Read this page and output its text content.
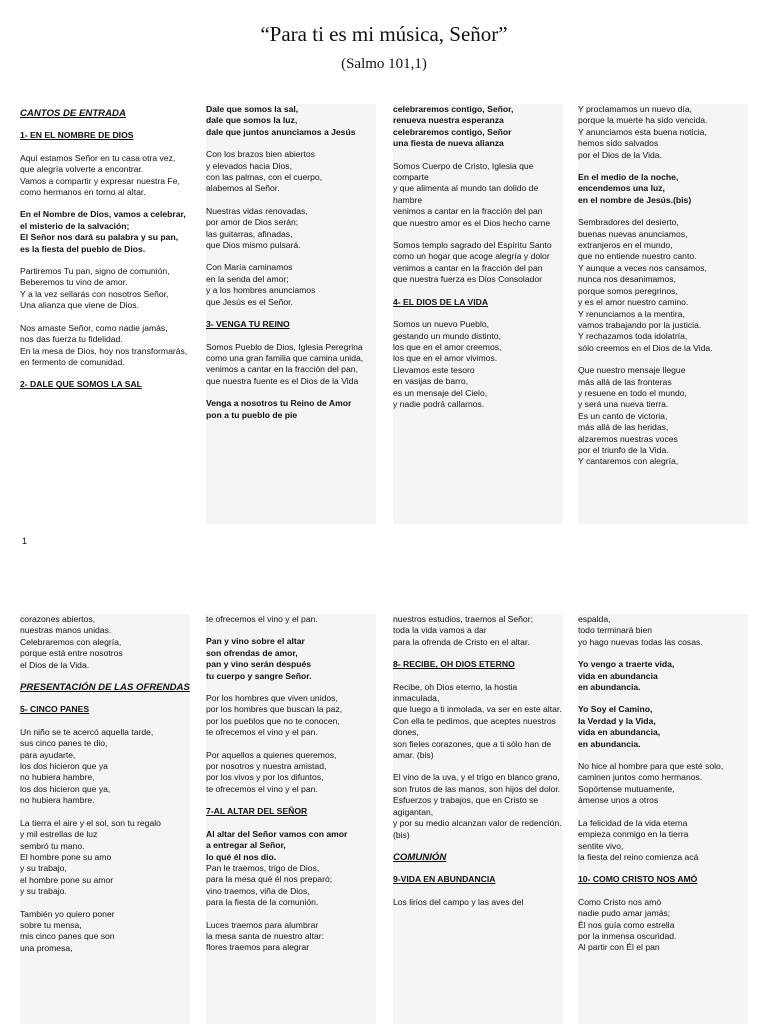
“Para ti es mi música, Señor”
(Salmo 101,1)
CANTOS DE ENTRADA
1- EN EL NOMBRE DE DIOS
Aquí estamos Señor en tu casa otra vez,
que alegría volverte a encontrar.
Vamos a compartir y expresar nuestra Fe,
como hermanos en torno al altar.
En el Nombre de Dios, vamos a celebrar,
el misterio de la salvación;
El Señor nos dará su palabra y su pan,
es la fiesta del pueblo de Dios.
Partiremos Tu pan, signo de comunión,
Beberemos tu vino de amor.
Y a la vez sellarás con nosotros Señor,
Una alianza que viene de Dios.
Nos amaste Señor, como nadie jamás,
nos das fuerza tu fidelidad.
En la mesa de Dios, hoy nos transformarás,
en fermento de comunidad.
2- DALE QUE SOMOS LA SAL
Dale que somos la sal,
dale que somos la luz,
dale que juntos anunciamos a Jesús
Con los brazos bien abiertos
y elevados hacia Dios,
con las palmas, con el cuerpo,
alabemos al Señor.
Nuestras vidas renovadas,
por amor de Dios serán;
las guitarras, afinadas,
que Dios mismo pulsará.
Con María caminamos
en la senda del amor;
y a los hombres anunciamos
que Jesús es el Señor.
3- VENGA TU REINO
Somos Pueblo de Dios, Iglesia Peregrina
como una gran familia que camina unida,
venimos a cantar en la fracción del pan,
que nuestra fuente es el Dios de la Vida
Venga a nosotros tu Reino de Amor
pon a tu pueblo de pie
celebraremos contigo, Señor,
renueva nuestra esperanza
celebraremos contigo, Señor
una fiesta de nueva alianza
Somos Cuerpo de Cristo, Iglesia que comparte
y que alimenta al mundo tan dolido de hambre
venimos a cantar en la fracción del pan
que nuestro amor es el Dios hecho carne
Somos templo sagrado del Espíritu Santo
como un hogar que acoge alegría y dolor
venimos a cantar en la fracción del pan
que nuestra fuerza es Dios Consolador
4- EL DIOS DE LA VIDA
Somos un nuevo Pueblo,
gestando un mundo distinto,
los que en el amor creemos,
los que en el amor vivimos.
Llevamos este tesoro
en vasijas de barro,
es un mensaje del Cielo,
y nadie podrá callarnos.
Y proclamamos un nuevo día,
porque la muerte ha sido vencida.
Y anunciamos esta buena noticia,
hemos sido salvados
por el Dios de la Vida.
En el medio de la noche,
encendemos una luz,
en el nombre de Jesús.(bis)
Sembradores del desierto,
buenas nuevas anunciamos,
extranjeros en el mundo,
que no entiende nuestro canto.
Y aunque a veces nos cansamos,
nunca nos desanimamos,
porque somos peregrinos,
y es el amor nuestro camino.
Y renunciamos a la mentira,
vamos trabajando por la justicia.
Y rechazamos toda idolatría,
sólo creemos en el Dios de la Vida.
Que nuestro mensaje llegue
más allá de las fronteras
y resuene en todo el mundo,
y será una nueva tierra.
Es un canto de victoria,
más allá de las heridas,
alzaremos nuestras voces
por el triunfo de la Vida.
Y cantaremos con alegría,
1
corazones abiertos,
nuestras manos unidas.
Celebraremos con alegría,
porque está entre nosotros
el Dios de la Vida.
PRESENTACIÓN DE LAS OFRENDAS
5- CINCO PANES
Un niño se te acercó aquella tarde,
sus cinco panes te dio,
para ayudarte,
los dos hicieron que ya
no hubiera hambre,
los dos hicieron que ya,
no hubiera hambre.
La tierra el aire y el sol, son tu regalo
y mil estrellas de luz
sembró tu mano.
El hombre pone su amo
y su trabajo,
el hombre pone su amor
y su trabajo.
También yo quiero poner
sobre tu mensa,
mis cinco panes que son
una promesa,
te ofrecemos el vino y el pan.
Pan y vino sobre el altar
son ofrendas de amor,
pan y vino serán después
tu cuerpo y sangre Señor.
Por los hombres que viven unidos,
por los hombres que buscan la paz,
por los pueblos que no te conocen,
te ofrecemos el vino y el pan.
Por aquellos a quienes queremos,
por nosotros y nuestra amistad,
por los vivos y por los difuntos,
te ofrecemos el vino y el pan.
7-AL ALTAR DEL SEÑOR
Al altar del Señor vamos con amor
a entregar al Señor,
lo qué él nos dio.
Pan le traemos, trigo de Dios,
para la mesa qué él nos preparó;
vino traemos, viña de Dios,
para la fiesta de la comunión.
Luces traemos para alumbrar
la mesa santa de nuestro altar:
flores traemos para alegrar
nuestros estudios, traemos al Señor;
toda la vida vamos a dar
para la ofrenda de Cristo en el altar.
8- RECIBE, OH DIOS ETERNO
Recibe, oh Dios eterno, la hostia inmaculada,
que luego a ti inmolada, va ser en este altar.
Con ella te pedimos, que aceptes nuestros dones,
son fieles corazones, que a ti sólo han de amar. (bis)
El vino de la uva, y el trigo en blanco grano,
son frutos de las manos, son hijos del dolor.
Esfuerzos y trabajos, que en Cristo se agigantan,
y por su medio alcanzan valor de redención. (bis)
COMUNIÓN
9-VIDA EN ABUNDANCIA
Los lirios del campo y las aves del
espalda,
todo terminará bien
yo hago nuevas todas las cosas.
Yo vengo a traerte vida,
vida en abundancia
en abundancia.
Yo Soy el Camino,
la Verdad y la Vida,
vida en abundancia,
en abundancia.
No hice al hombre para que esté solo,
caminen juntos como hermanos.
Sopórtense mutuamente,
ámense unos a otros
La felicidad de la vida eterna
empieza conmigo en la tierra
sentite vivo,
la fiesta del reino comienza acá
10- COMO CRISTO NOS AMÓ
Como Cristo nos amó
nadie pudo amar jamás;
Él nos guía como estrella
por la inmensa oscuridad.
Al partir con Él el pan
